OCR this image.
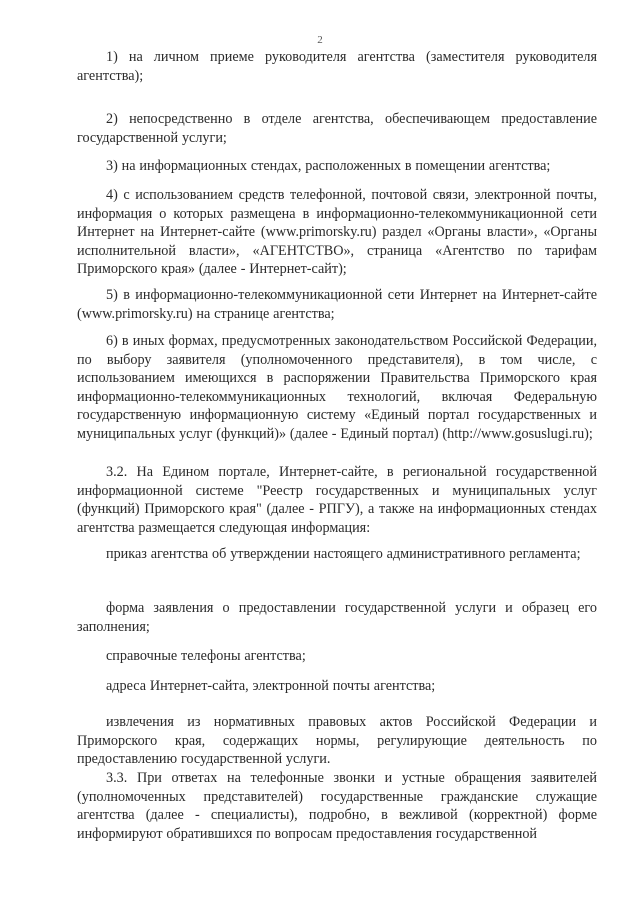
2

1) на личном приеме руководителя агентства (заместителя руководителя агентства);

2) непосредственно в отделе агентства, обеспечивающем предоставление государственной услуги;

3) на информационных стендах, расположенных в помещении агентства;

4) с использованием средств телефонной, почтовой связи, электронной почты, информация о которых размещена в информационно-телекоммуникационной сети Интернет на Интернет-сайте (www.primorsky.ru) раздел «Органы власти», «Органы исполнительной власти», «АГЕНТСТВО», страница «Агентство по тарифам Приморского края» (далее - Интернет-сайт);

5) в информационно-телекоммуникационной сети Интернет на Интернет-сайте (www.primorsky.ru) на странице агентства;

6) в иных формах, предусмотренных законодательством Российской Федерации, по выбору заявителя (уполномоченного представителя), в том числе, с использованием имеющихся в распоряжении Правительства Приморского края информационно-телекоммуникационных технологий, включая Федеральную государственную информационную систему «Единый портал государственных и муниципальных услуг (функций)» (далее - Единый портал) (http://www.gosuslugi.ru);

3.2. На Едином портале, Интернет-сайте, в региональной государственной информационной системе "Реестр государственных и муниципальных услуг (функций) Приморского края" (далее - РПГУ), а также на информационных стендах агентства размещается следующая информация:

приказ агентства об утверждении настоящего административного регламента;

форма заявления о предоставлении государственной услуги и образец его заполнения;

справочные телефоны агентства;

адреса Интернет-сайта, электронной почты агентства;

извлечения из нормативных правовых актов Российской Федерации и Приморского края, содержащих нормы, регулирующие деятельность по предоставлению государственной услуги.

3.3. При ответах на телефонные звонки и устные обращения заявителей (уполномоченных представителей) государственные гражданские служащие агентства (далее - специалисты), подробно, в вежливой (корректной) форме информируют обратившихся по вопросам предоставления государственной
